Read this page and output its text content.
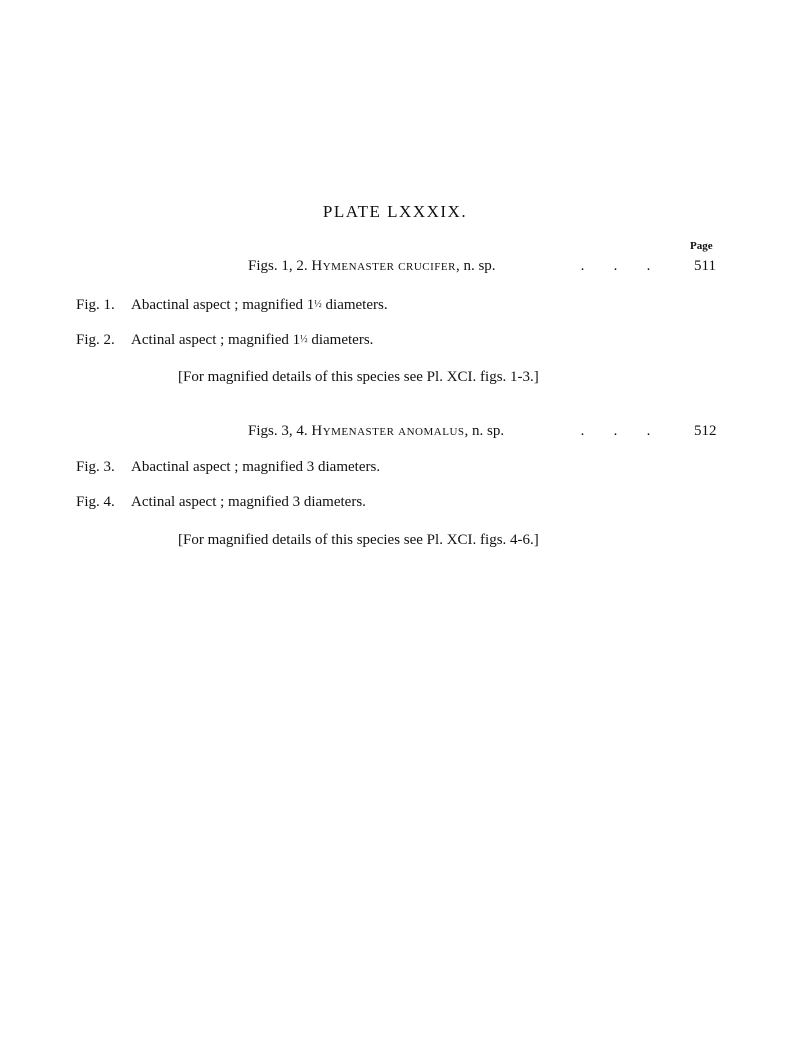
PLATE LXXXIX.
Page
Figs. 1, 2. Hymenaster crucifer, n. sp.	. . .	511
Fig. 1. Abactinal aspect ; magnified 1½ diameters.
Fig. 2. Actinal aspect ; magnified 1½ diameters.
[For magnified details of this species see Pl. XCI. figs. 1-3.]
Figs. 3, 4. Hymenaster anomalus, n. sp.	. . .	512
Fig. 3. Abactinal aspect ; magnified 3 diameters.
Fig. 4. Actinal aspect ; magnified 3 diameters.
[For magnified details of this species see Pl. XCI. figs. 4-6.]
